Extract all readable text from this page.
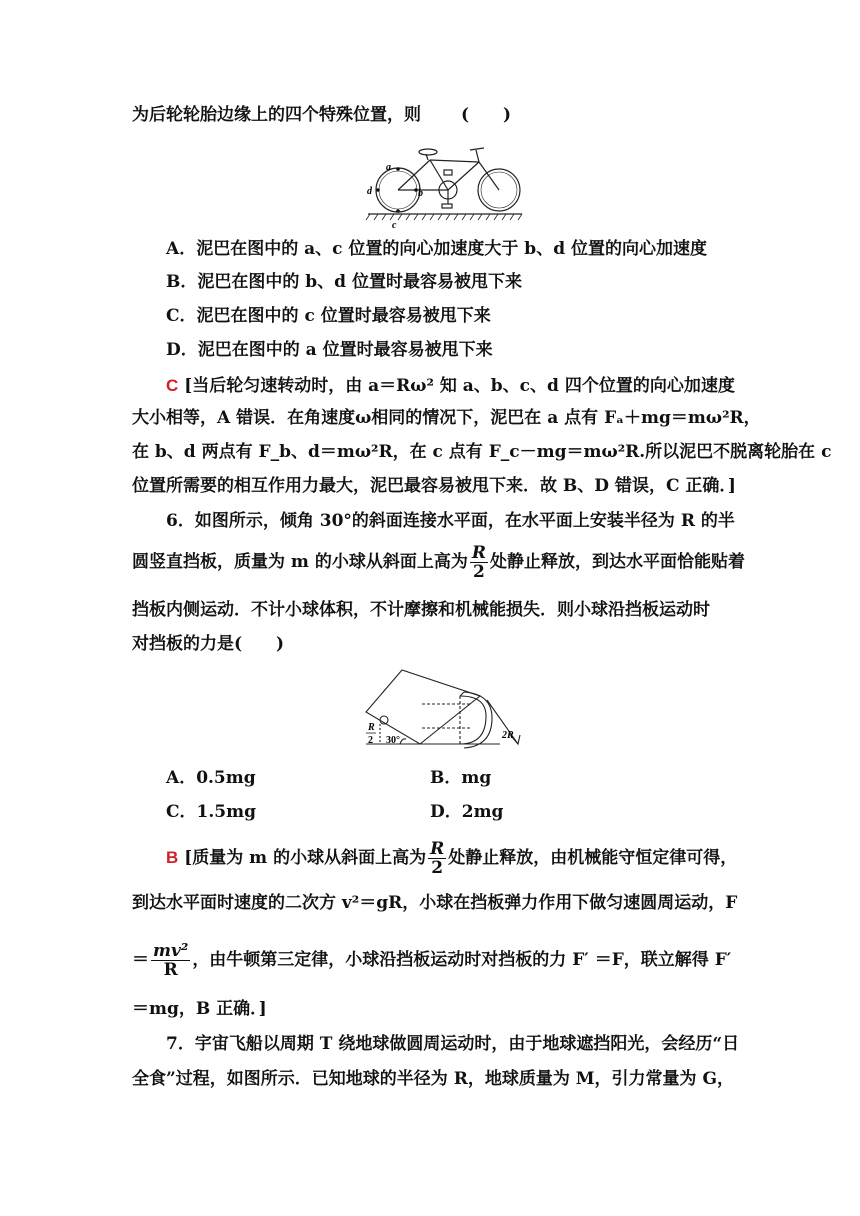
为后轮轮胎边缘上的四个特殊位置，则 (　　)
a
b
c
d
A．泥巴在图中的 a、c 位置的向心加速度大于 b、d 位置的向心加速度
B．泥巴在图中的 b、d 位置时最容易被甩下来
C．泥巴在图中的 c 位置时最容易被甩下来
D．泥巴在图中的 a 位置时最容易被甩下来
C [当后轮匀速转动时，由 a＝Rω² 知 a、b、c、d 四个位置的向心加速度
大小相等，A 错误．在角速度ω相同的情况下，泥巴在 a 点有 Fₐ＋mg＝mω²R，
在 b、d 两点有 F_b、d＝mω²R，在 c 点有 F_c－mg＝mω²R.所以泥巴不脱离轮胎在 c
位置所需要的相互作用力最大，泥巴最容易被甩下来．故 B、D 错误，C 正确．]
6．如图所示，倾角 30°的斜面连接水平面，在水平面上安装半径为 R 的半
圆竖直挡板，质量为 m 的小球从斜面上高为 $\frac{R}{2}$ 处静止释放，到达水平面恰能贴着
挡板内侧运动．不计小球体积，不计摩擦和机械能损失．则小球沿挡板运动时
对挡板的力是(　　)
R
2 30°	2R
A．0.5mg	B．mg
C．1.5mg	D．2mg
B [质量为 m 的小球从斜面上高为 $\frac{R}{2}$ 处静止释放，由机械能守恒定律可得，
到达水平面时速度的二次方 v²＝gR，小球在挡板弹力作用下做匀速圆周运动，F
＝ $\frac{\text{mv²}}{R}$ ，由牛顿第三定律，小球沿挡板运动时对挡板的力 F′ ＝F，联立解得 F′
＝mg，B 正确．]
7．宇宙飞船以周期 T 绕地球做圆周运动时，由于地球遮挡阳光，会经历“日
全食”过程，如图所示．已知地球的半径为 R，地球质量为 M，引力常量为 G，
